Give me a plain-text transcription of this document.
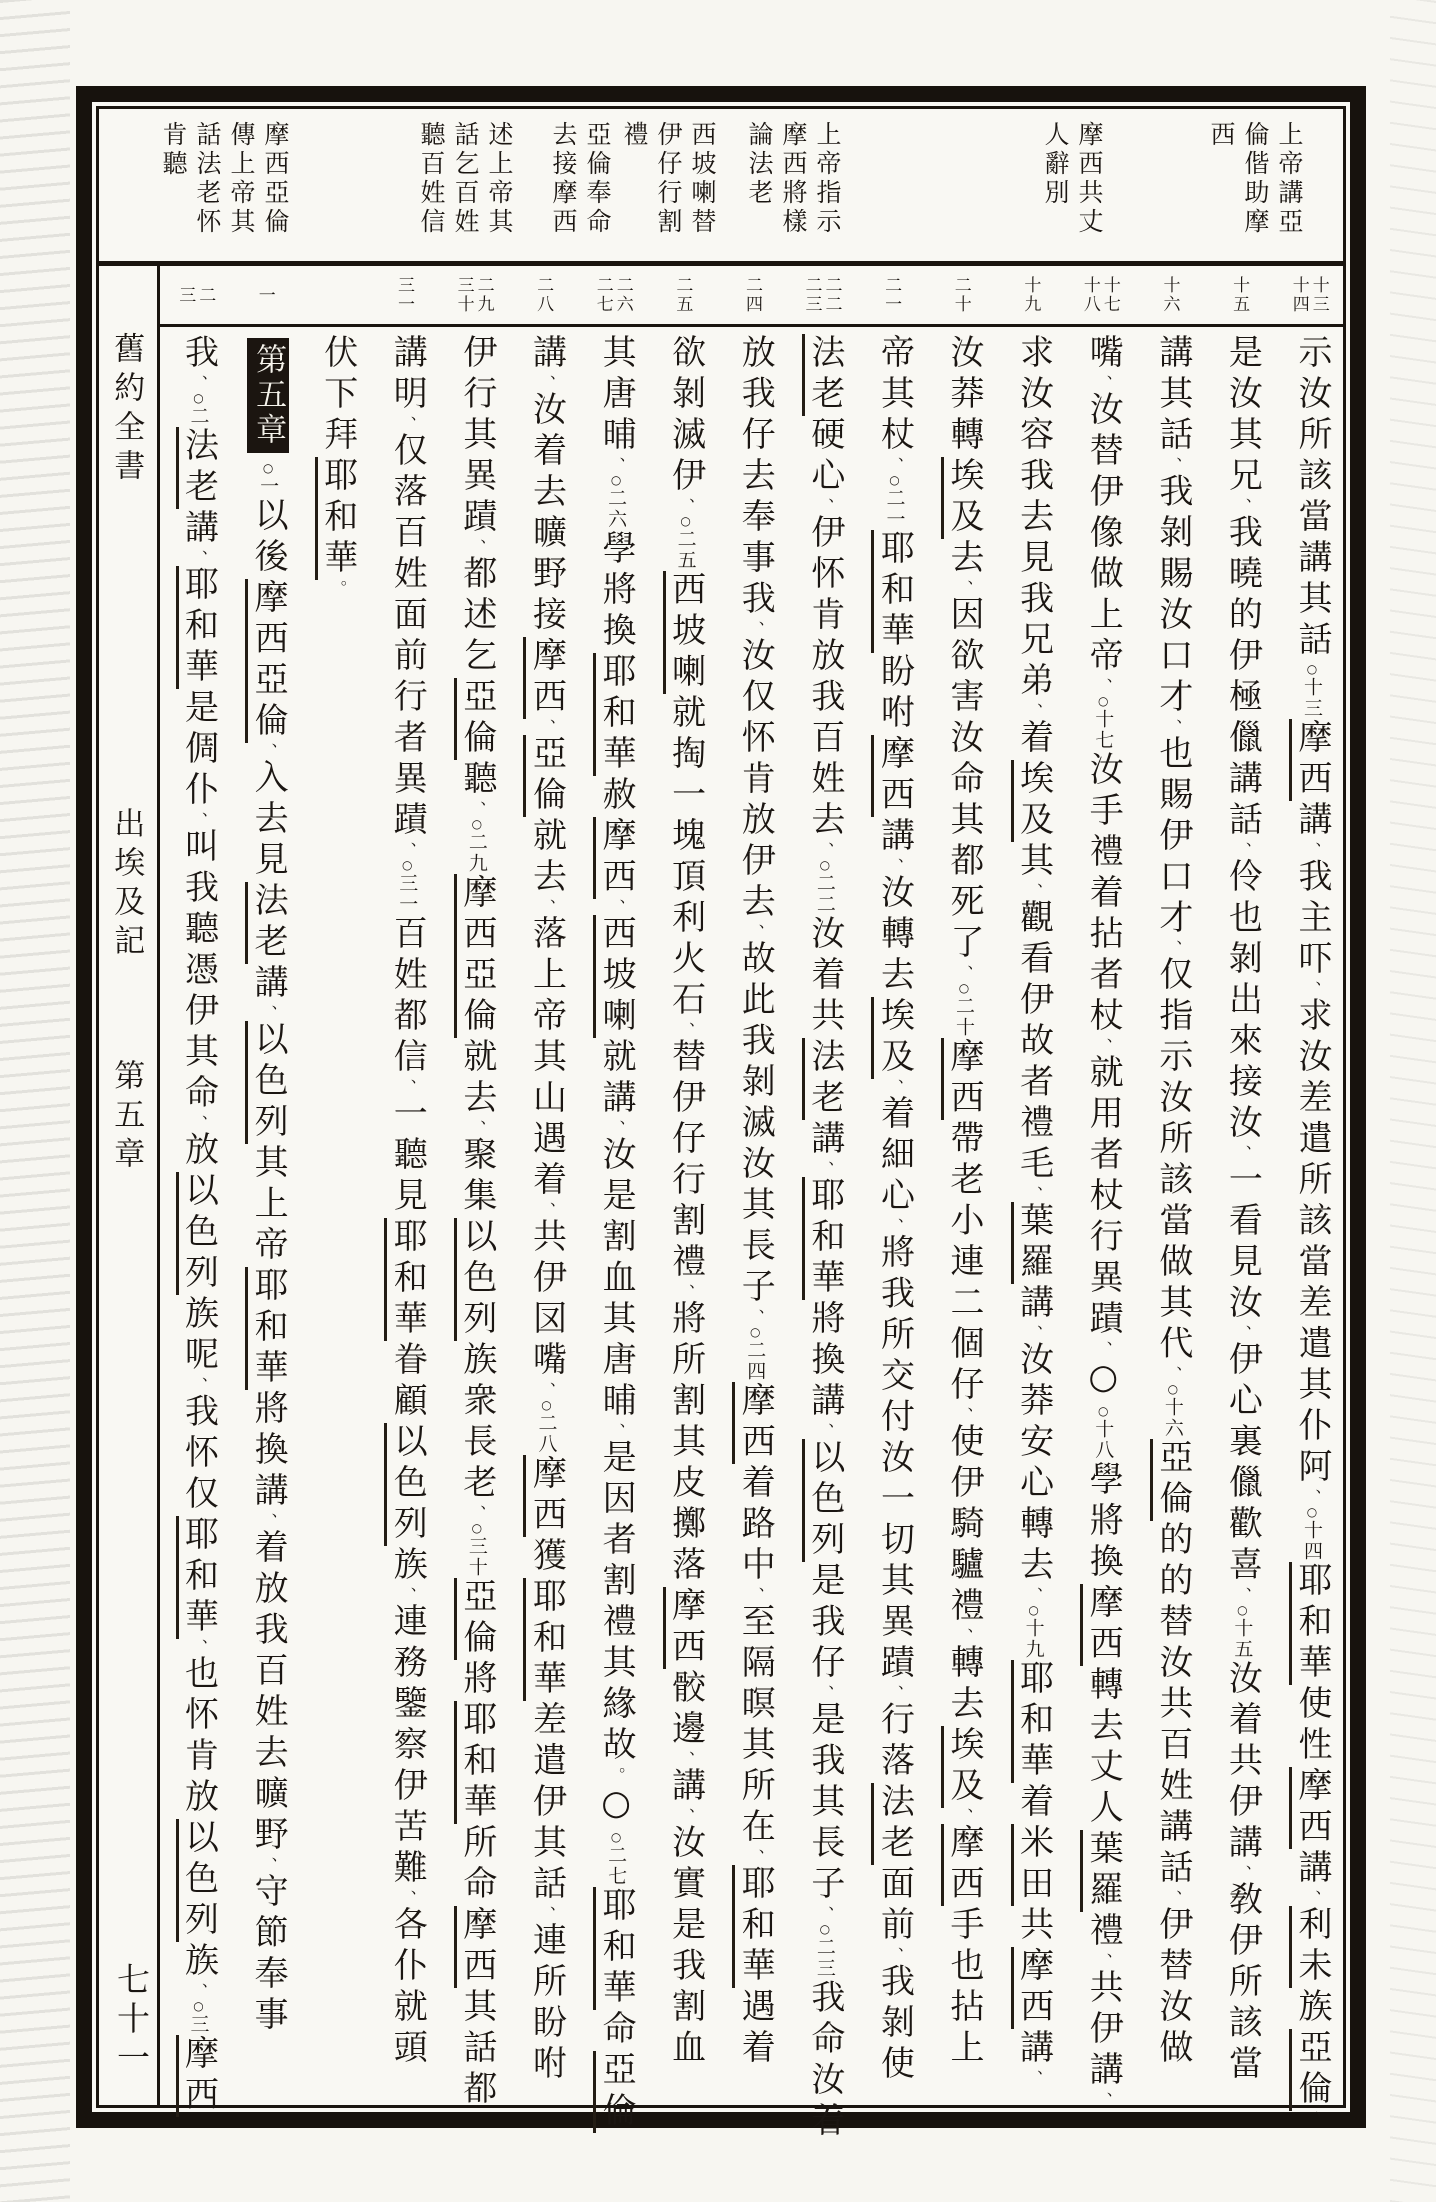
上帝講亞
倫偕助摩
西
摩西共丈
人辭別
上帝指示
摩西將樣
論法老
西坡喇替
伊仔行割
禮
亞倫奉命
去接摩西
述上帝其
話乞百姓
聽百姓信
摩西亞倫
傳上帝其
話法老怀
肯聽
舊約全書 出埃及記 第五章
七十一
十三
十四
示汝所該當講其話○ 十三摩西講、我主吓、求汝差遣所該當差遣其仆阿、○ 十四耶和華使性摩西講、利未族亞倫、
十五
是汝其兄、我曉的伊極儠講話、伶也剝出來接汝、一看見汝、伊心裏儠歡喜、○ 十五汝着共伊講、敎伊所該當
十六
講其話、我剝賜汝口才、也賜伊口才、仅指示汝所該當做其代、○ 十六亞倫的的替汝共百姓講話、伊替汝做
十七
十八
嘴、汝替伊像做上帝、○ 十七汝手禮着拈者杖、就用者杖行異蹟、○○ 十八學將換摩西轉去丈人葉羅禮、共伊講、
十九
求汝容我去見我兄弟、着埃及其、觀看伊故者禮毛、葉羅講、汝莽安心轉去、○ 十九耶和華着米田共摩西講、
二十
汝莽轉埃及去、因欲害汝命其都死了、○ 二十摩西帶老小連二個仔、使伊騎驢禮、轉去埃及、摩西手也拈上
二一
帝其杖、○ 二一耶和華盼咐摩西講、汝轉去埃及、着細心、將我所交付汝一切其異蹟、行落法老面前、我剝使
二二
二三
法老硬心、伊怀肯放我百姓去、○ 二二汝着共法老講、耶和華將換講、以色列是我仔、是我其長子、○ 二三我命汝着
二四
放我仔去奉事我、汝仅怀肯放伊去、故此我剝滅汝其長子、○ 二四摩西着路中、至隔暝其所在、耶和華遇着
二五
欲剝滅伊、○ 二五西坡喇就掏一塊頂利火石、替伊仔行割禮、將所割其皮擲落摩西骹邊、講、汝實是我割血
二六
二七
其唐晡、○ 二六學將換耶和華赦摩西、西坡喇就講、汝是割血其唐晡、是因者割禮其緣故。○○ 二七耶和華命亞倫
二八
講、汝着去曠野接摩西、亞倫就去、落上帝其山遇着、共伊㘝嘴、○ 二八摩西獲耶和華差遣伊其話、連所盼咐
二九
三十
伊行其異蹟、都述乞亞倫聽、○ 二九摩西亞倫就去、聚集以色列族衆長老、○ 三十亞倫將耶和華所命摩西其話都
三一
講明、仅落百姓面前行者異蹟、○ 三一百姓都信、一聽見耶和華眷顧以色列族、連務鑒察伊苦難、各仆就頭
伏下拜耶和華。
一
第五章○ 一以後摩西亞倫、入去見法老講、以色列其上帝耶和華將換講、着放我百姓去曠野、守節奉事
二
三
我、○ 二法老講、耶和華是倜仆、叫我聽憑伊其命、放以色列族呢、我怀仅耶和華、也怀肯放以色列族、○ 三摩西
